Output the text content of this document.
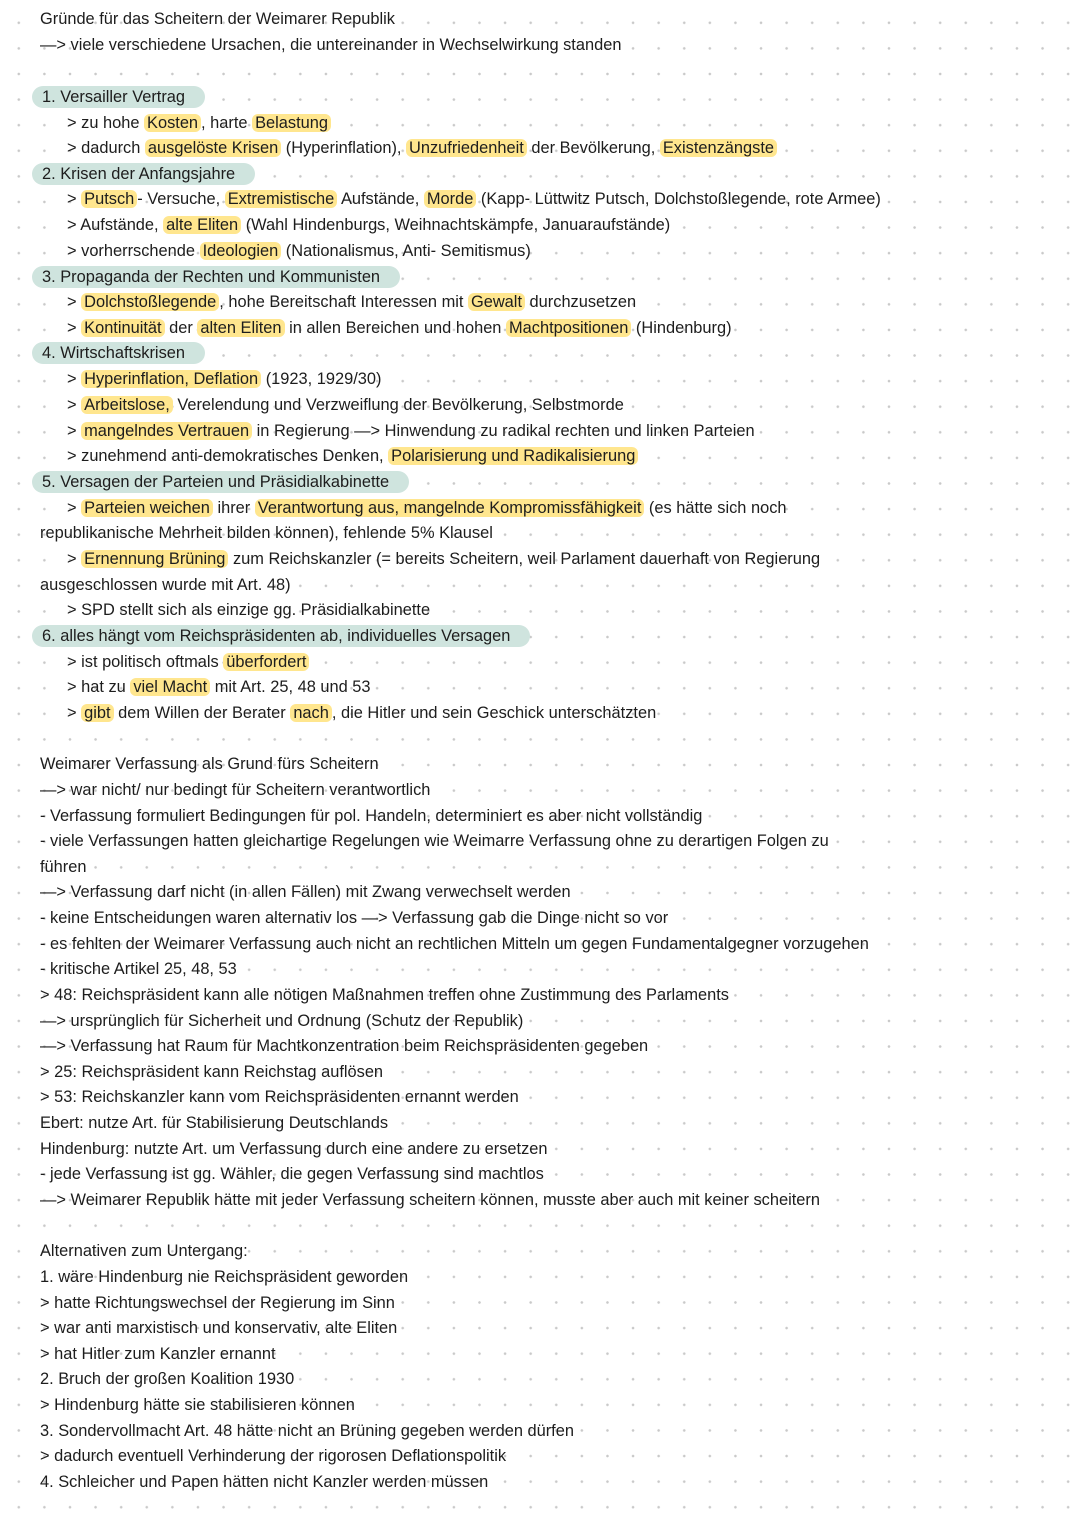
Gründe für das Scheitern der Weimarer Republik
—> viele verschiedene Ursachen, die untereinander in Wechselwirkung standen
1. Versailler Vertrag
> zu hohe Kosten , harte Belastung
> dadurch ausgelöste Krisen (Hyperinflation), Unzufriedenheit der Bevölkerung, Existenzängste
2. Krisen der Anfangsjahre
> Putsch - Versuche, Extremistische Aufstände, Morde (Kapp- Lüttwitz Putsch, Dolchstoßlegende, rote Armee)
> Aufstände, alte Eliten (Wahl Hindenburgs, Weihnachtskämpfe, Januaraufstände)
> vorherrschende Ideologien (Nationalismus, Anti- Semitismus)
3. Propaganda der Rechten und Kommunisten
> Dolchstoßlegende , hohe Bereitschaft Interessen mit Gewalt durchzusetzen
> Kontinuität der alten Eliten in allen Bereichen und hohen Machtpositionen (Hindenburg)
4. Wirtschaftskrisen
> Hyperinflation, Deflation (1923, 1929/30)
> Arbeitslose, Verelendung und Verzweiflung der Bevölkerung, Selbstmorde
> mangelndes Vertrauen in Regierung —> Hinwendung zu radikal rechten und linken Parteien
> zunehmend anti-demokratisches Denken, Polarisierung und Radikalisierung
5. Versagen der Parteien und Präsidialkabinette
> Parteien weichen ihrer Verantwortung aus, mangelnde Kompromissfähigkeit (es hätte sich noch
republikanische Mehrheit bilden können), fehlende 5% Klausel
> Ernennung Brüning zum Reichskanzler (= bereits Scheitern, weil Parlament dauerhaft von Regierung
ausgeschlossen wurde mit Art. 48)
> SPD stellt sich als einzige gg. Präsidialkabinette
6. alles hängt vom Reichspräsidenten ab, individuelles Versagen
> ist politisch oftmals überfordert
> hat zu viel Macht mit Art. 25, 48 und 53
> gibt dem Willen der Berater nach , die Hitler und sein Geschick unterschätzten
Weimarer Verfassung als Grund fürs Scheitern
—> war nicht/ nur bedingt für Scheitern verantwortlich
- Verfassung formuliert Bedingungen für pol. Handeln, determiniert es aber nicht vollständig
- viele Verfassungen hatten gleichartige Regelungen wie Weimarre Verfassung ohne zu derartigen Folgen zu
führen
—> Verfassung darf nicht (in allen Fällen) mit Zwang verwechselt werden
- keine Entscheidungen waren alternativ los —> Verfassung gab die Dinge nicht so vor
- es fehlten der Weimarer Verfassung auch nicht an rechtlichen Mitteln um gegen Fundamentalgegner vorzugehen
- kritische Artikel 25, 48, 53
> 48: Reichspräsident kann alle nötigen Maßnahmen treffen ohne Zustimmung des Parlaments
—> ursprünglich für Sicherheit und Ordnung (Schutz der Republik)
—> Verfassung hat Raum für Machtkonzentration beim Reichspräsidenten gegeben
> 25: Reichspräsident kann Reichstag auflösen
> 53: Reichskanzler kann vom Reichspräsidenten ernannt werden
Ebert: nutze Art. für Stabilisierung Deutschlands
Hindenburg: nutzte Art. um Verfassung durch eine andere zu ersetzen
- jede Verfassung ist gg. Wähler, die gegen Verfassung sind machtlos
—> Weimarer Republik hätte mit jeder Verfassung scheitern können, musste aber auch mit keiner scheitern
Alternativen zum Untergang:
1. wäre Hindenburg nie Reichspräsident geworden
> hatte Richtungswechsel der Regierung im Sinn
> war anti marxistisch und konservativ, alte Eliten
> hat Hitler zum Kanzler ernannt
2. Bruch der großen Koalition 1930
> Hindenburg hätte sie stabilisieren können
3. Sondervollmacht Art. 48 hätte nicht an Brüning gegeben werden dürfen
> dadurch eventuell Verhinderung der rigorosen Deflationspolitik
4. Schleicher und Papen hätten nicht Kanzler werden müssen
